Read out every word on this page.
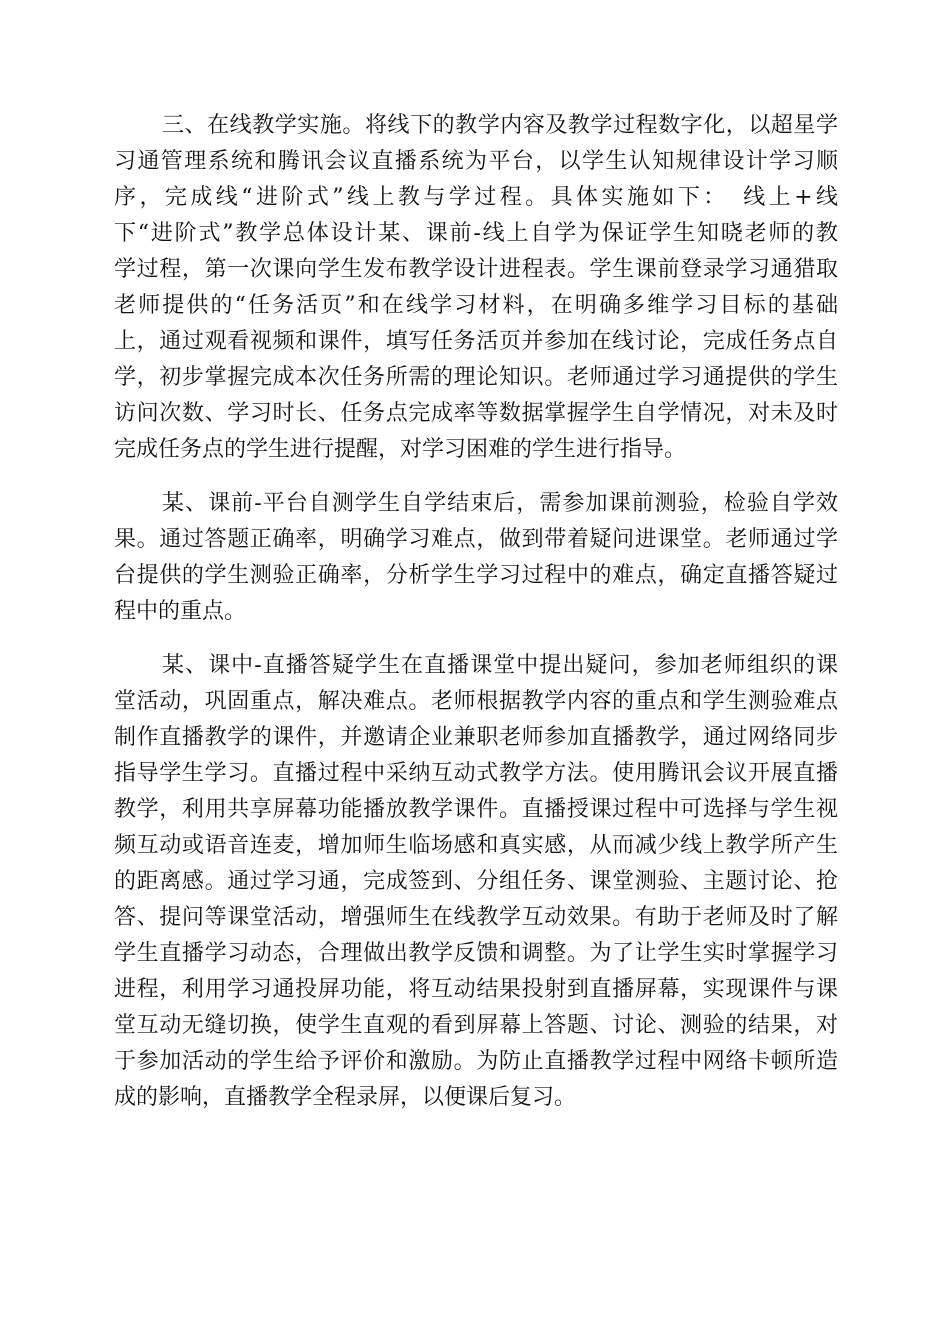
三、在线教学实施。将线下的教学内容及教学过程数字化，以超星学
习通管理系统和腾讯会议直播系统为平台，以学生认知规律设计学习顺
序，完成线“进阶式”线上教与学过程。具体实施如下：　线上+线
下“进阶式”教学总体设计某、课前-线上自学为保证学生知晓老师的教
学过程，第一次课向学生发布教学设计进程表。学生课前登录学习通猎取
老师提供的“任务活页”和在线学习材料，在明确多维学习目标的基础
上，通过观看视频和课件，填写任务活页并参加在线讨论，完成任务点自
学，初步掌握完成本次任务所需的理论知识。老师通过学习通提供的学生
访问次数、学习时长、任务点完成率等数据掌握学生自学情况，对未及时
完成任务点的学生进行提醒，对学习困难的学生进行指导。
某、课前-平台自测学生自学结束后，需参加课前测验，检验自学效
果。通过答题正确率，明确学习难点，做到带着疑问进课堂。老师通过学
台提供的学生测验正确率，分析学生学习过程中的难点，确定直播答疑过
程中的重点。
某、课中-直播答疑学生在直播课堂中提出疑问，参加老师组织的课
堂活动，巩固重点，解决难点。老师根据教学内容的重点和学生测验难点
制作直播教学的课件，并邀请企业兼职老师参加直播教学，通过网络同步
指导学生学习。直播过程中采纳互动式教学方法。使用腾讯会议开展直播
教学，利用共享屏幕功能播放教学课件。直播授课过程中可选择与学生视
频互动或语音连麦，增加师生临场感和真实感，从而减少线上教学所产生
的距离感。通过学习通，完成签到、分组任务、课堂测验、主题讨论、抢
答、提问等课堂活动，增强师生在线教学互动效果。有助于老师及时了解
学生直播学习动态，合理做出教学反馈和调整。为了让学生实时掌握学习
进程，利用学习通投屏功能，将互动结果投射到直播屏幕，实现课件与课
堂互动无缝切换，使学生直观的看到屏幕上答题、讨论、测验的结果，对
于参加活动的学生给予评价和激励。为防止直播教学过程中网络卡顿所造
成的影响，直播教学全程录屏，以便课后复习。
